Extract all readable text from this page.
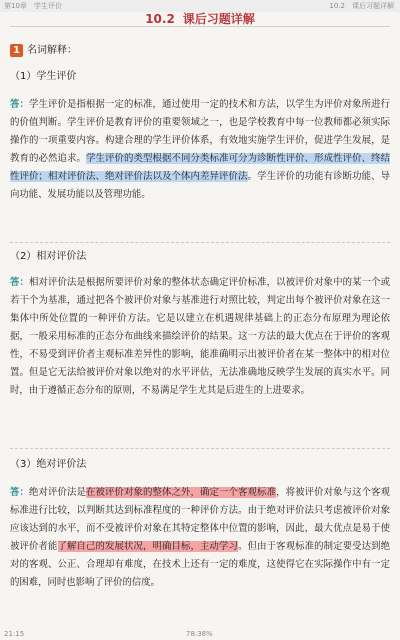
第10章　学生评价	10.2　课后习题详解
10.2 课后习题详解
1 名词解释：
（1）学生评价
答：学生评价是指根据一定的标准，通过使用一定的技术和方法，以学生为评价对象所进行的价值判断。学生评价是教育评价的重要领域之一，也是学校教育中每一位教师都必须实际操作的一项重要内容。构建合理的学生评价体系，有效地实施学生评价，促进学生发展，是教育的必然追求。学生评价的类型根据不同分类标准可分为诊断性评价、形成性评价、终结性评价；相对评价法、绝对评价法以及个体内差异评价法。学生评价的功能有诊断功能、导向功能、发展功能以及管理功能。
（2）相对评价法
答：相对评价法是根据所要评价对象的整体状态确定评价标准，以被评价对象中的某一个或若干个为基准，通过把各个被评价对象与基准进行对照比较，判定出每个被评价对象在这一集体中所处位置的一种评价方法。它是以建立在机遇规律基础上的正态分布原理为理论依据，一般采用标准的正态分布曲线来描绘评价的结果。这一方法的最大优点在于评价的客观性，不易受到评价者主观标准差异性的影响，能准确明示出被评价者在某一整体中的相对位置。但是它无法给被评价对象以绝对的水平评估，无法准确地反映学生发展的真实水平。同时，由于遵循正态分布的原则，不易满足学生尤其是后进生的上进要求。
（3）绝对评价法
答：绝对评价法是在被评价对象的整体之外，确定一个客观标准，将被评价对象与这个客观标准进行比较，以判断其达到标准程度的一种评价方法。由于绝对评价法只考虑被评价对象应该达到的水平，而不受被评价对象在其特定整体中位置的影响，因此，最大优点是易于使被评价者能了解自己的发展状况，明确目标，主动学习。但由于客观标准的制定要受达到绝对的客观、公正、合理却有难度，在技术上还有一定的难度，这使得它在实际操作中有一定的困难，同时也影响了评价的信度。
21:15	78.38%
